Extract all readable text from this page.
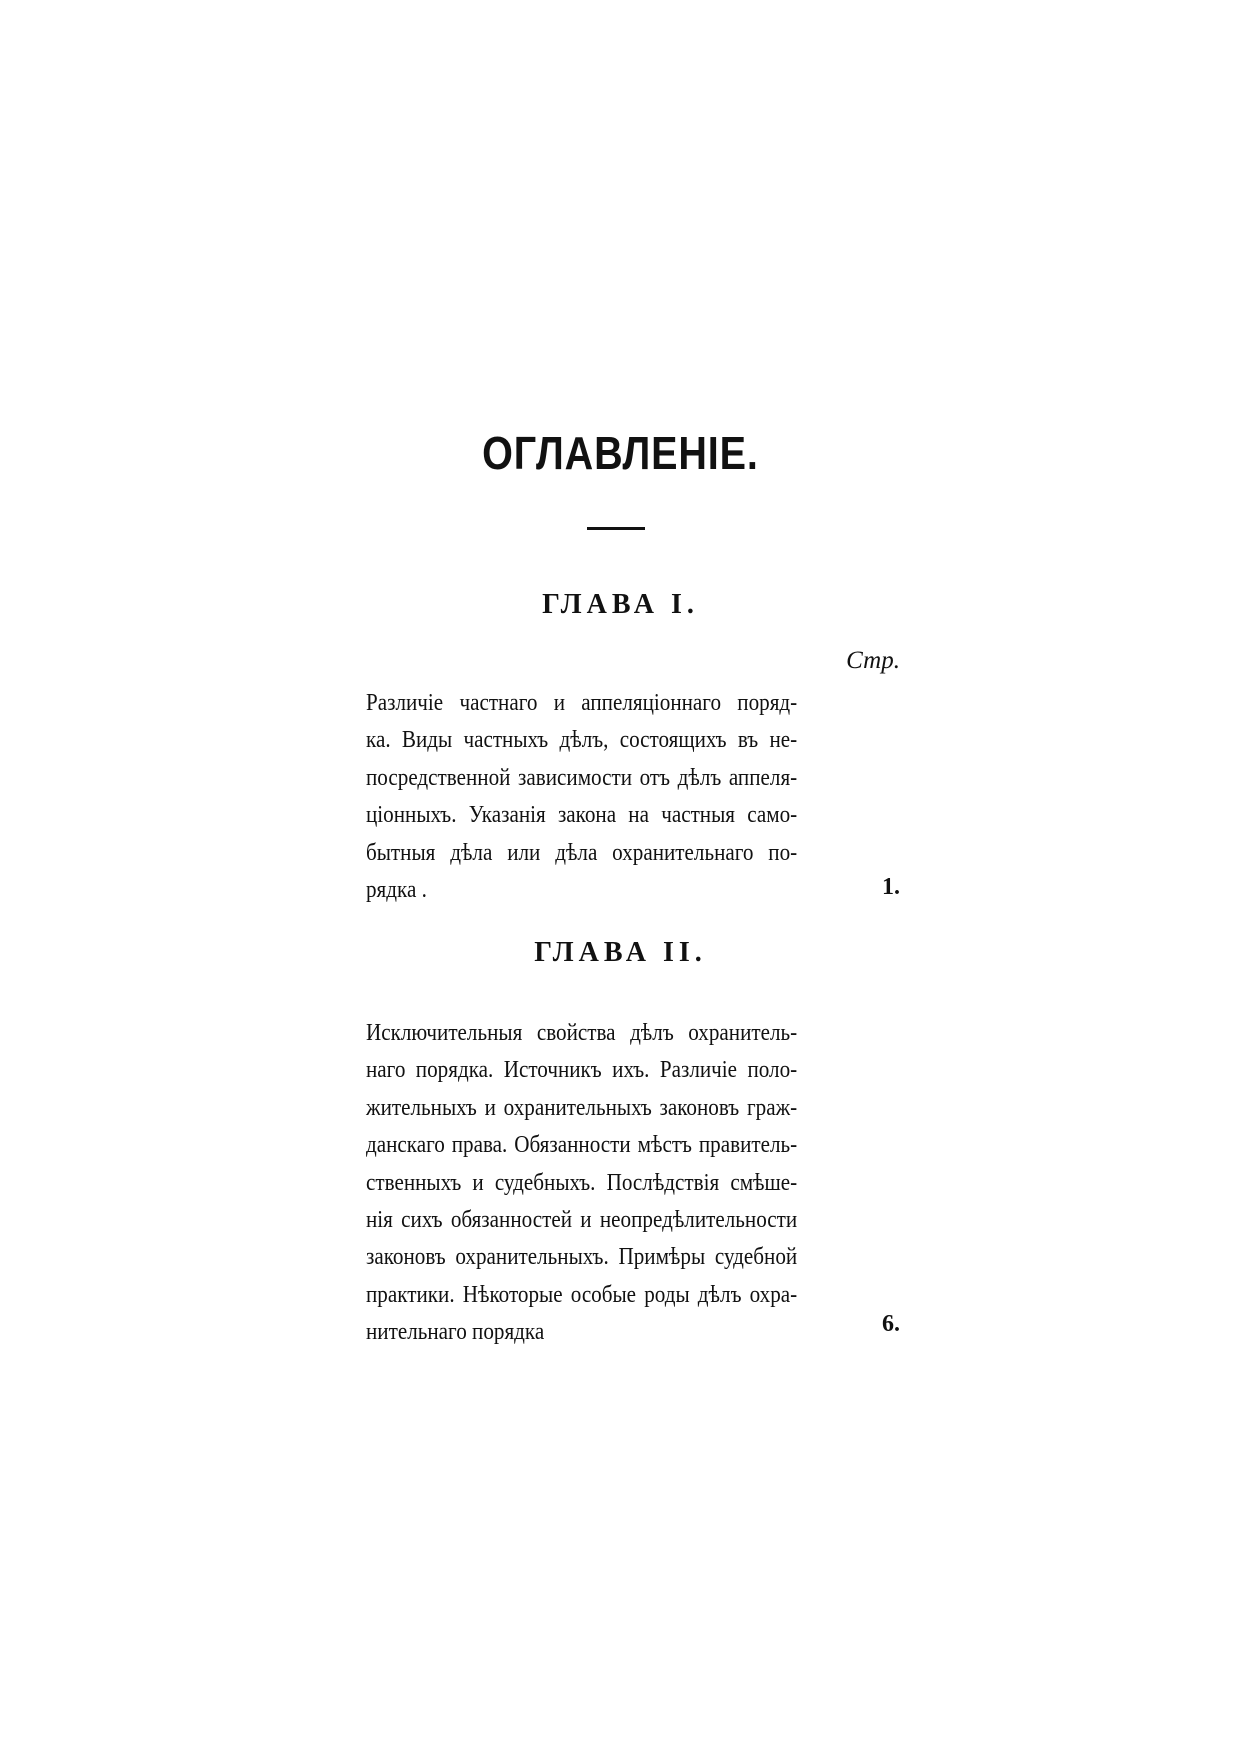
ОГЛАВЛЕНIЕ.
ГЛАВА I.
Стр.
Различiе частнаго и аппеляцiоннаго поряд-
ка. Виды частныхъ дѣлъ, состоящихъ въ не-
посредственной зависимости отъ дѣлъ аппеля-
цiонныхъ. Указанiя закона на частныя само-
бытныя дѣла или дѣла охранительнаго по-
рядка .	1.
ГЛАВА II.
Исключительныя свойства дѣлъ охранитель-
наго порядка. Источникъ ихъ. Различiе поло-
жительныхъ и охранительныхъ законовъ граж-
данскаго права. Обязанности мѣстъ правитель-
ственныхъ и судебныхъ. Послѣдствiя смѣше-
нiя сихъ обязанностей и неопредѣлительности
законовъ охранительныхъ. Примѣры судебной
практики. Нѣкоторые особые роды дѣлъ охра-
нительнаго порядка	6.
